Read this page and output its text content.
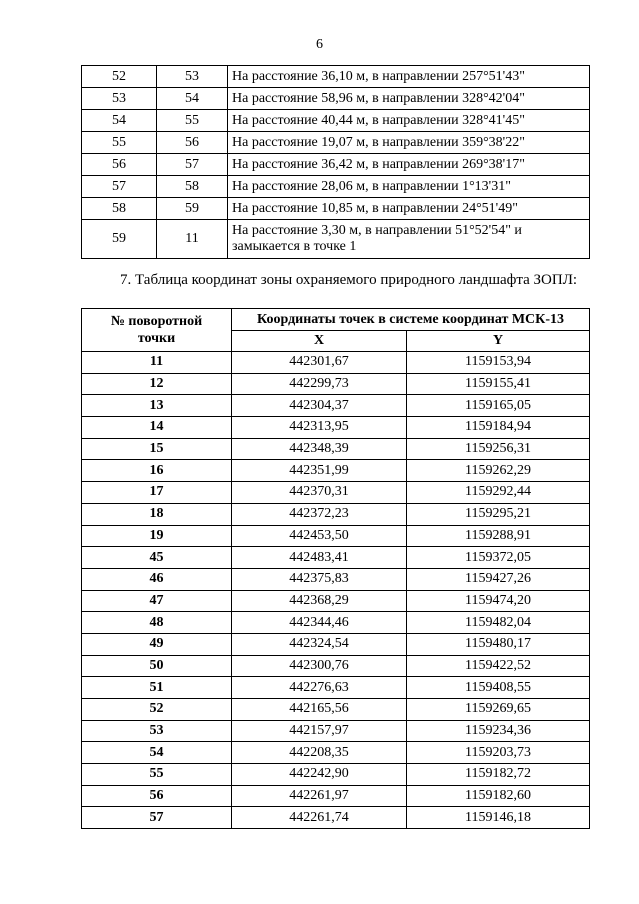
6
52	53	На расстояние 36,10 м, в направлении 257°51'43"
53	54	На расстояние 58,96 м, в направлении 328°42'04"
54	55	На расстояние 40,44 м, в направлении 328°41'45"
55	56	На расстояние 19,07 м, в направлении 359°38'22"
56	57	На расстояние 36,42 м, в направлении 269°38'17"
57	58	На расстояние 28,06 м, в направлении 1°13'31"
58	59	На расстояние 10,85 м, в направлении 24°51'49"
59	11	На расстояние 3,30 м, в направлении 51°52'54" и
замыкается в точке 1
7. Таблица координат зоны охраняемого природного ландшафта ЗОПЛ:
№ поворотной
точки	Координаты точек в системе координат МСК-13	
	X	Y
11	442301,67	1159153,94
12	442299,73	1159155,41
13	442304,37	1159165,05
14	442313,95	1159184,94
15	442348,39	1159256,31
16	442351,99	1159262,29
17	442370,31	1159292,44
18	442372,23	1159295,21
19	442453,50	1159288,91
45	442483,41	1159372,05
46	442375,83	1159427,26
47	442368,29	1159474,20
48	442344,46	1159482,04
49	442324,54	1159480,17
50	442300,76	1159422,52
51	442276,63	1159408,55
52	442165,56	1159269,65
53	442157,97	1159234,36
54	442208,35	1159203,73
55	442242,90	1159182,72
56	442261,97	1159182,60
57	442261,74	1159146,18
